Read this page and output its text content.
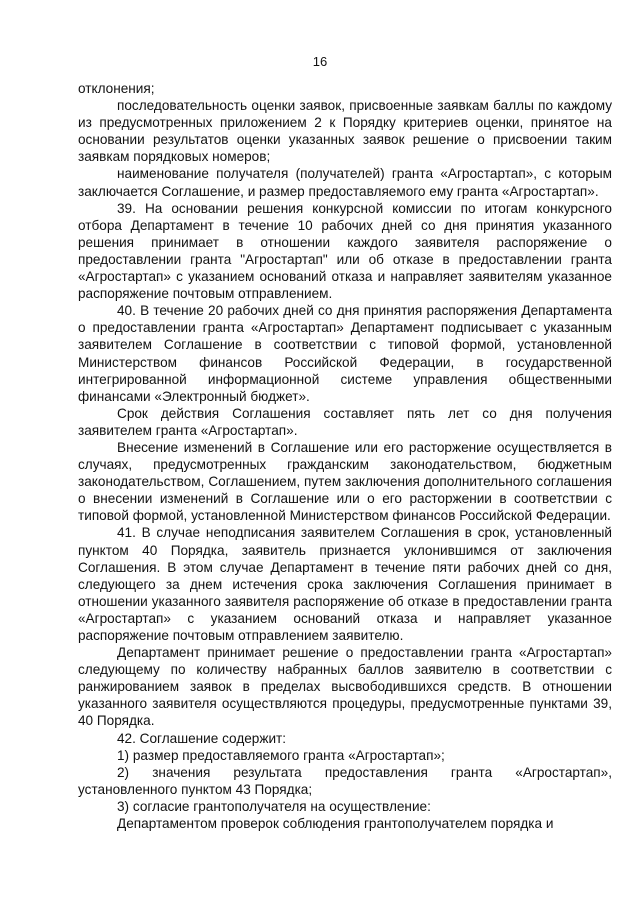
16

отклонения;

последовательность оценки заявок, присвоенные заявкам баллы по каждому из предусмотренных приложением 2 к Порядку критериев оценки, принятое на основании результатов оценки указанных заявок решение о присвоении таким заявкам порядковых номеров;

наименование получателя (получателей) гранта «Агростартап», с которым заключается Соглашение, и размер предоставляемого ему гранта «Агростартап».

39. На основании решения конкурсной комиссии по итогам конкурсного отбора Департамент в течение 10 рабочих дней со дня принятия указанного решения принимает в отношении каждого заявителя распоряжение о предоставлении гранта "Агростартап" или об отказе в предоставлении гранта «Агростартап» с указанием оснований отказа и направляет заявителям указанное распоряжение почтовым отправлением.

40. В течение 20 рабочих дней со дня принятия распоряжения Департамента о предоставлении гранта «Агростартап» Департамент подписывает с указанным заявителем Соглашение в соответствии с типовой формой, установленной Министерством финансов Российской Федерации, в государственной интегрированной информационной системе управления общественными финансами «Электронный бюджет».

Срок действия Соглашения составляет пять лет со дня получения заявителем гранта «Агростартап».

Внесение изменений в Соглашение или его расторжение осуществляется в случаях, предусмотренных гражданским законодательством, бюджетным законодательством, Соглашением, путем заключения дополнительного соглашения о внесении изменений в Соглашение или о его расторжении в соответствии с типовой формой, установленной Министерством финансов Российской Федерации.

41. В случае неподписания заявителем Соглашения в срок, установленный пунктом 40 Порядка, заявитель признается уклонившимся от заключения Соглашения. В этом случае Департамент в течение пяти рабочих дней со дня, следующего за днем истечения срока заключения Соглашения принимает в отношении указанного заявителя распоряжение об отказе в предоставлении гранта «Агростартап» с указанием оснований отказа и направляет указанное распоряжение почтовым отправлением заявителю.

Департамент принимает решение о предоставлении гранта «Агростартап» следующему по количеству набранных баллов заявителю в соответствии с ранжированием заявок в пределах высвободившихся средств. В отношении указанного заявителя осуществляются процедуры, предусмотренные пунктами 39, 40 Порядка.

42. Соглашение содержит:

1) размер предоставляемого гранта «Агростартап»;

2) значения результата предоставления гранта «Агростартап», установленного пунктом 43 Порядка;

3) согласие грантополучателя на осуществление:

Департаментом проверок соблюдения грантополучателем порядка и
